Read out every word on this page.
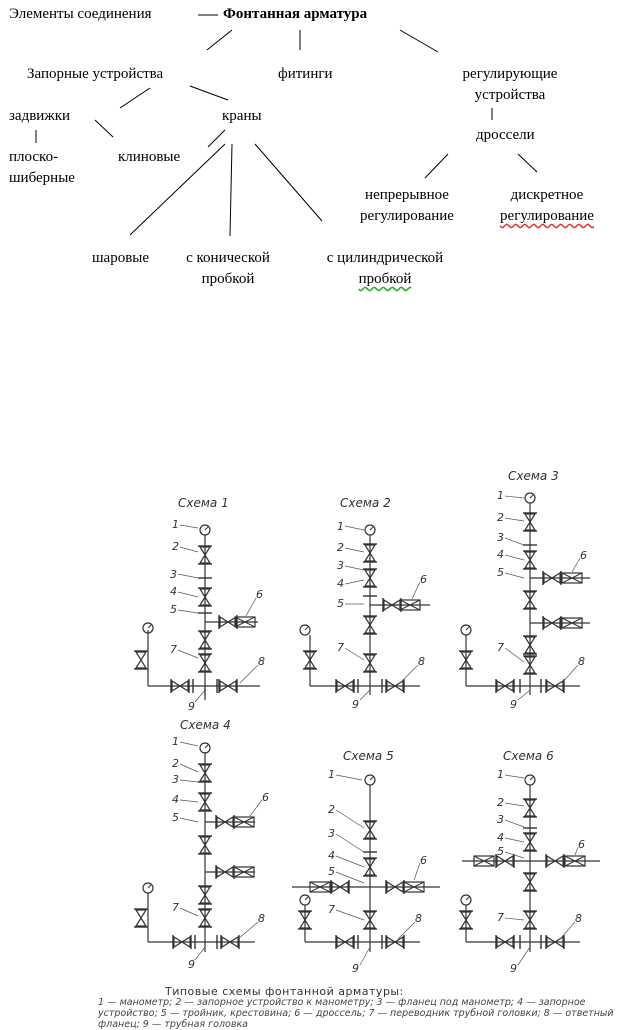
Элементы соединения	Фонтанная арматура
Запорные устройства	фитинги	регулирующие
устройства
задвижки	краны
дроссели
плоско-
шиберные
клиновые
непрерывное
регулирование
дискретное
регулирование
шаровые	с конической
пробкой
с цилиндрической
пробкой
Схема 1	Схема 2
Схема 3
Схема 4
Схема 5	Схема 6
1
2
3
4
5
6
7
8
9
1
2
3
4
5
6
7
8
9
1
2
3
4
5
6
7
8
9
1
2
3
4
5
6
7
8
9
1
2
3
4
5
6
7
8
9
1
2
3
4
5
6
7	8
9
Типовые схемы фонтанной арматуры:
1 — манометр; 2 — запорное устройство к манометру; 3 — фланец под манометр; 4 — запорное устройство; 5 — тройник, крестовина; 6 — дроссель; 7 — переводник трубной головки; 8 — ответный фланец; 9 — трубная головка
